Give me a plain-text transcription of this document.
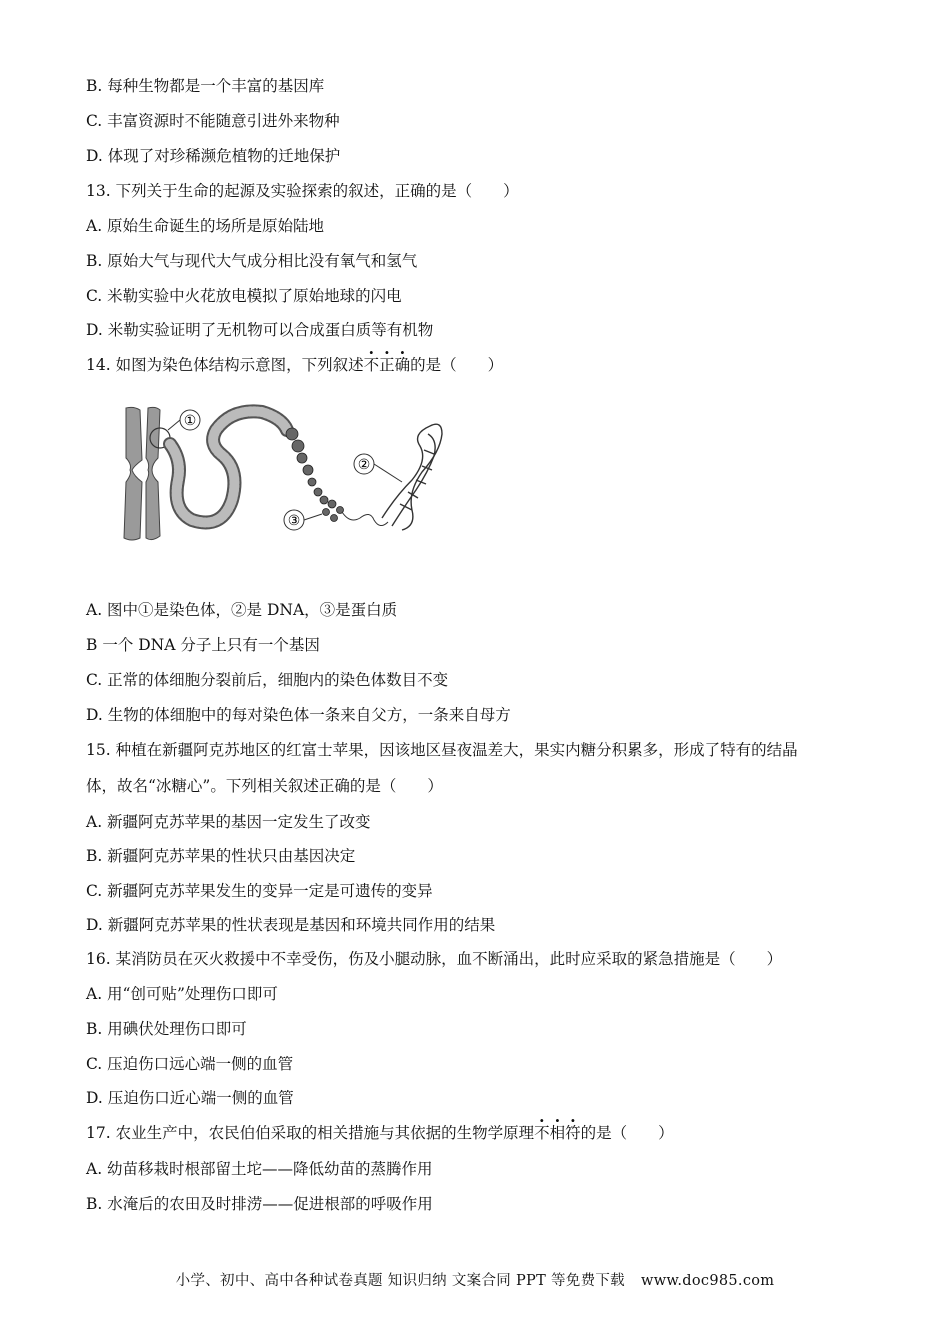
B. 每种生物都是一个丰富的基因库
C. 丰富资源时不能随意引进外来物种
D. 体现了对珍稀濒危植物的迁地保护
13. 下列关于生命的起源及实验探索的叙述，正确的是（　　）
A. 原始生命诞生的场所是原始陆地
B. 原始大气与现代大气成分相比没有氧气和氢气
C. 米勒实验中火花放电模拟了原始地球的闪电
D. 米勒实验证明了无机物可以合成蛋白质等有机物
14. 如图为染色体结构示意图，下列叙述不正确的是（　　）
①
②
③
A. 图中①是染色体，②是 DNA，③是蛋白质
B 一个 DNA 分子上只有一个基因
C. 正常的体细胞分裂前后，细胞内的染色体数目不变
D. 生物的体细胞中的每对染色体一条来自父方，一条来自母方
15. 种植在新疆阿克苏地区的红富士苹果，因该地区昼夜温差大，果实内糖分积累多，形成了特有的结晶
体，故名“冰糖心”。下列相关叙述正确的是（　　）
A. 新疆阿克苏苹果的基因一定发生了改变
B. 新疆阿克苏苹果的性状只由基因决定
C. 新疆阿克苏苹果发生的变异一定是可遗传的变异
D. 新疆阿克苏苹果的性状表现是基因和环境共同作用的结果
16. 某消防员在灭火救援中不幸受伤，伤及小腿动脉，血不断涌出，此时应采取的紧急措施是（　　）
A. 用“创可贴”处理伤口即可
B. 用碘伏处理伤口即可
C. 压迫伤口远心端一侧的血管
D. 压迫伤口近心端一侧的血管
17. 农业生产中，农民伯伯采取的相关措施与其依据的生物学原理不相符的是（　　）
A. 幼苗移栽时根部留土坨——降低幼苗的蒸腾作用
B. 水淹后的农田及时排涝——促进根部的呼吸作用
小学、初中、高中各种试卷真题 知识归纳 文案合同 PPT 等免费下载 www.doc985.com
